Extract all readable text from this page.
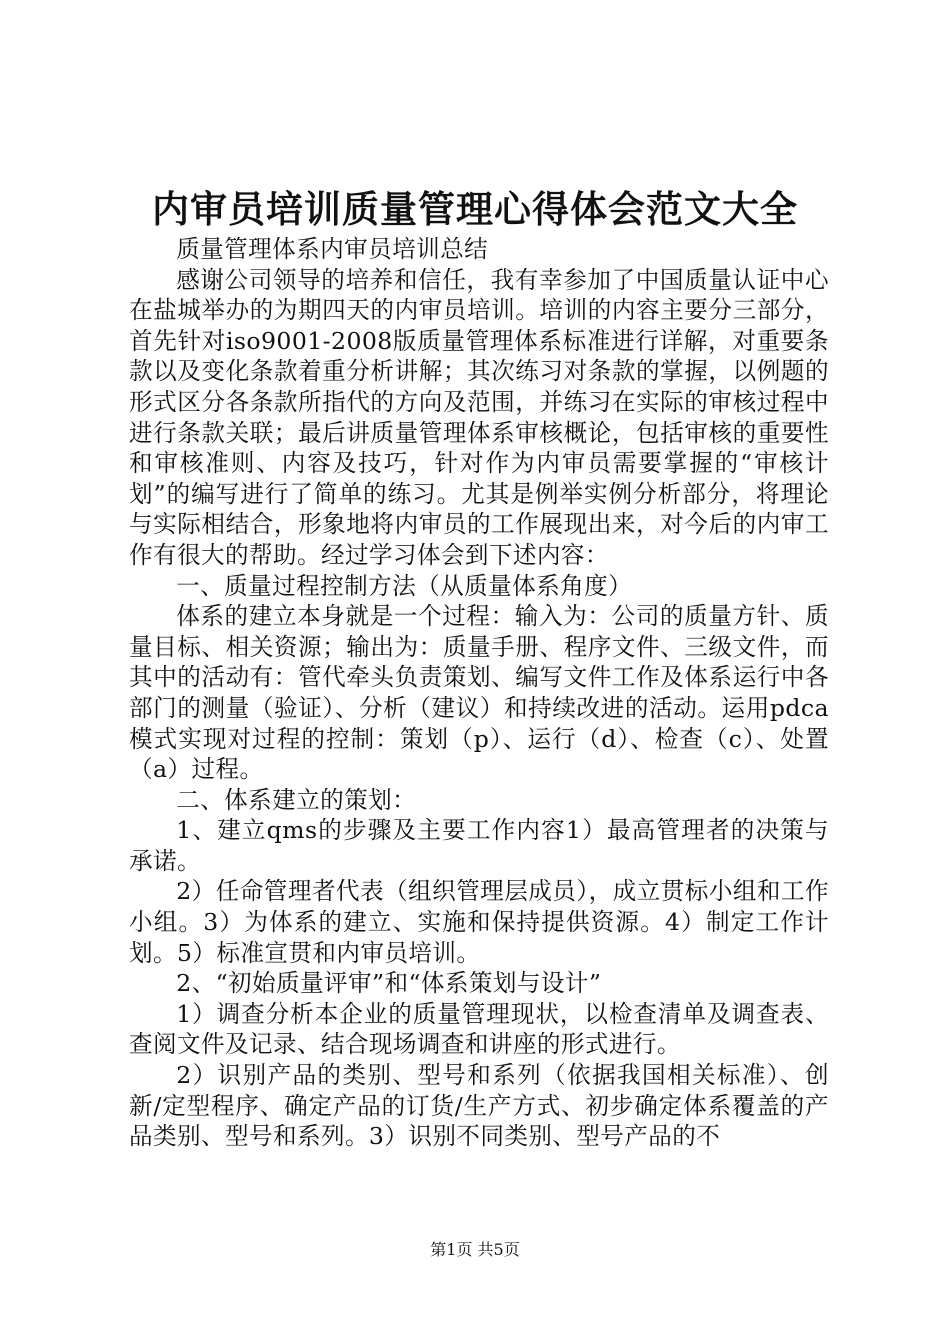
内审员培训质量管理心得体会范文大全

质量管理体系内审员培训总结

感谢公司领导的培养和信任，我有幸参加了中国质量认证中心在盐城举办的为期四天的内审员培训。培训的内容主要分三部分，首先针对iso9001-2008版质量管理体系标准进行详解，对重要条款以及变化条款着重分析讲解；其次练习对条款的掌握，以例题的形式区分各条款所指代的方向及范围，并练习在实际的审核过程中进行条款关联；最后讲质量管理体系审核概论，包括审核的重要性和审核准则、内容及技巧，针对作为内审员需要掌握的“审核计划”的编写进行了简单的练习。尤其是例举实例分析部分，将理论与实际相结合，形象地将内审员的工作展现出来，对今后的内审工作有很大的帮助。经过学习体会到下述内容：

一、质量过程控制方法（从质量体系角度）

体系的建立本身就是一个过程：输入为：公司的质量方针、质量目标、相关资源；输出为：质量手册、程序文件、三级文件，而其中的活动有：管代牵头负责策划、编写文件工作及体系运行中各部门的测量（验证）、分析（建议）和持续改进的活动。运用pdca模式实现对过程的控制：策划（p）、运行（d）、检查（c）、处置（a）过程。

二、体系建立的策划：

1、建立qms的步骤及主要工作内容1）最高管理者的决策与承诺。

2）任命管理者代表（组织管理层成员），成立贯标小组和工作小组。3）为体系的建立、实施和保持提供资源。4）制定工作计划。5）标准宣贯和内审员培训。

2、“初始质量评审”和“体系策划与设计”

1）调查分析本企业的质量管理现状，以检查清单及调查表、查阅文件及记录、结合现场调查和讲座的形式进行。

2）识别产品的类别、型号和系列（依据我国相关标准）、创新/定型程序、确定产品的订货/生产方式、初步确定体系覆盖的产品类别、型号和系列。3）识别不同类别、型号产品的不

第1页 共5页
